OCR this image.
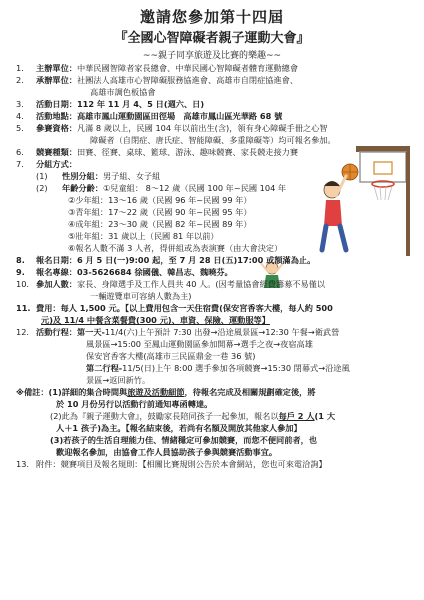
邀請您參加第十四屆
『全國心智障礙者親子運動大會』
~~親子同享旅遊及比賽的樂趣~~
1.	主辦單位： 中華民國智障者家長總會、中華民國心智障礙者體育運動總會
2.	承辦單位： 社團法人高雄市心智障礙服務協進會、高雄市自閉症協進會、
高雄市調色板協會
3.	活動日期： 112 年 11 月 4、5 日(週六、日)
4.	活動地點： 高雄市鳳山運動園區田徑場　高雄市鳳山區光華路 68 號
5.	參賽資格： 凡滿 8 歲以上，民國 104 年以前出生(含)，領有身心障礙手冊之心智
障礙者（自閉症、唐氏症、智能障礙、多重障礙等）均可報名參加。
6.	競賽種類： 田賽、徑賽、桌球、籃球、游泳、趣味競賽、家長競走接力賽
7.	分組方式：
(1)	性別分組： 男子組、女子組
(2)	年齡分齡： ①兒童組： 8～12 歲（民國 100 年~民國 104 年
②少年組：13～16 歲（民國 96 年~民國 99 年）
③青年組：17～22 歲（民國 90 年~民國 95 年）
④成年組：23～30 歲（民國 82 年~民國 89 年）
⑤壯年組：31 歲以上（民國 81 年以前）
⑥報名人數不滿 3 人者，得併組或為表演賽（由大會決定）
8.	報名日期： 6 月 5 日(一)9:00 起，至 7 月 28 日(五)17:00 或額滿為止。
9.	報名專線： 03-5626684 徐國儀、韓昌志、魏曉芬。
10. 參加人數： 家長、身障選手及工作人員共 40 人。(因考量協會經費籌募不易僅以
一輛遊覽車可容納人數為主)
11. 費用： 每人 1,500 元。【以上費用包含一天住宿費(保安宮香客大樓，每人約 500
元)及 11/4 中餐含菜餐費(300 元)、車資、保險、運動服等】
12. 活動行程： 第一天- 11/4(六)上午預計 7:30 出發→沿途風景區→12:30 午餐→衛武營
風景區→15:00 至鳳山運動園區參加開幕→選手之夜→夜宿高雄
保安宮香客大樓(高雄市三民區鼎金一巷 36 號)
第二行程- 11/5(日)上午 8:00 選手參加各項競賽→15:30 閉幕式→沿途風
景區→返回新竹。
※備註： (1)詳細的集合時間與 旅遊及活動細節 ，待報名完成及相關規劃確定後，將
於 10 月份另行以活動行前通知專函轉達。
(2)此為『親子運動大會』，鼓勵家長陪同孩子一起參加，報名以 每戶 2 人 (1 大
人＋1 孩子)為主。【報名結束後，若尚有名額及開放其他家人參加】
(3)若孩子的生活自理能力佳、情緒穩定可參加競賽，而您不便同前者，也
歡迎報名參加，由協會工作人員協助孩子參與競賽活動事宜。
13. 附件： 競賽項目及報名規則：【相關比賽規則公告於本會網站，您也可來電洽詢】
